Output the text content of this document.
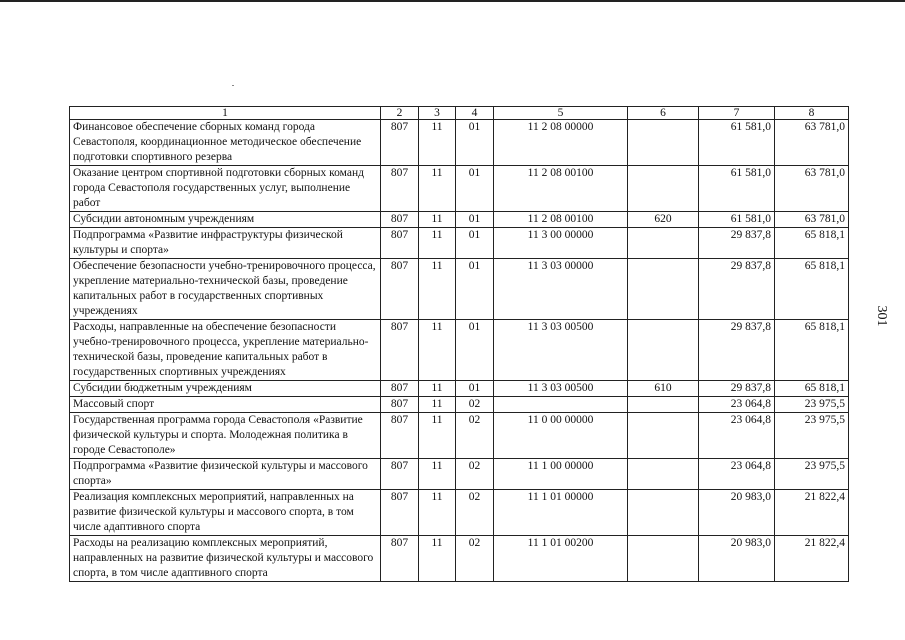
1	2	3	4	5	6	7	8
Финансовое обеспечение сборных команд города Севастополя, координационное методическое обеспечение подготовки спортивного резерва	807	11	01	11 2 08 00000		61 581,0	63 781,0
Оказание центром спортивной подготовки сборных команд города Севастополя государственных услуг, выполнение работ	807	11	01	11 2 08 00100		61 581,0	63 781,0
Субсидии автономным учреждениям	807	11	01	11 2 08 00100	620	61 581,0	63 781,0
Подпрограмма «Развитие инфраструктуры физической культуры и спорта»	807	11	01	11 3 00 00000		29 837,8	65 818,1
Обеспечение безопасности учебно-тренировочного процесса, укрепление материально-технической базы, проведение капитальных работ в государственных спортивных учреждениях	807	11	01	11 3 03 00000		29 837,8	65 818,1
Расходы, направленные на обеспечение безопасности учебно-тренировочного процесса, укрепление материально-технической базы, проведение капитальных работ в государственных спортивных учреждениях	807	11	01	11 3 03 00500		29 837,8	65 818,1
Субсидии бюджетным учреждениям	807	11	01	11 3 03 00500	610	29 837,8	65 818,1
Массовый спорт	807	11	02			23 064,8	23 975,5
Государственная программа города Севастополя «Развитие физической культуры и спорта. Молодежная политика в городе Севастополе»	807	11	02	11 0 00 00000		23 064,8	23 975,5
Подпрограмма «Развитие физической культуры и массового спорта»	807	11	02	11 1 00 00000		23 064,8	23 975,5
Реализация комплексных мероприятий, направленных на развитие физической культуры и массового спорта, в том числе адаптивного спорта	807	11	02	11 1 01 00000		20 983,0	21 822,4
Расходы на реализацию комплексных мероприятий, направленных на развитие физической культуры и массового спорта, в том числе адаптивного спорта	807	11	02	11 1 01 00200		20 983,0	21 822,4
301
